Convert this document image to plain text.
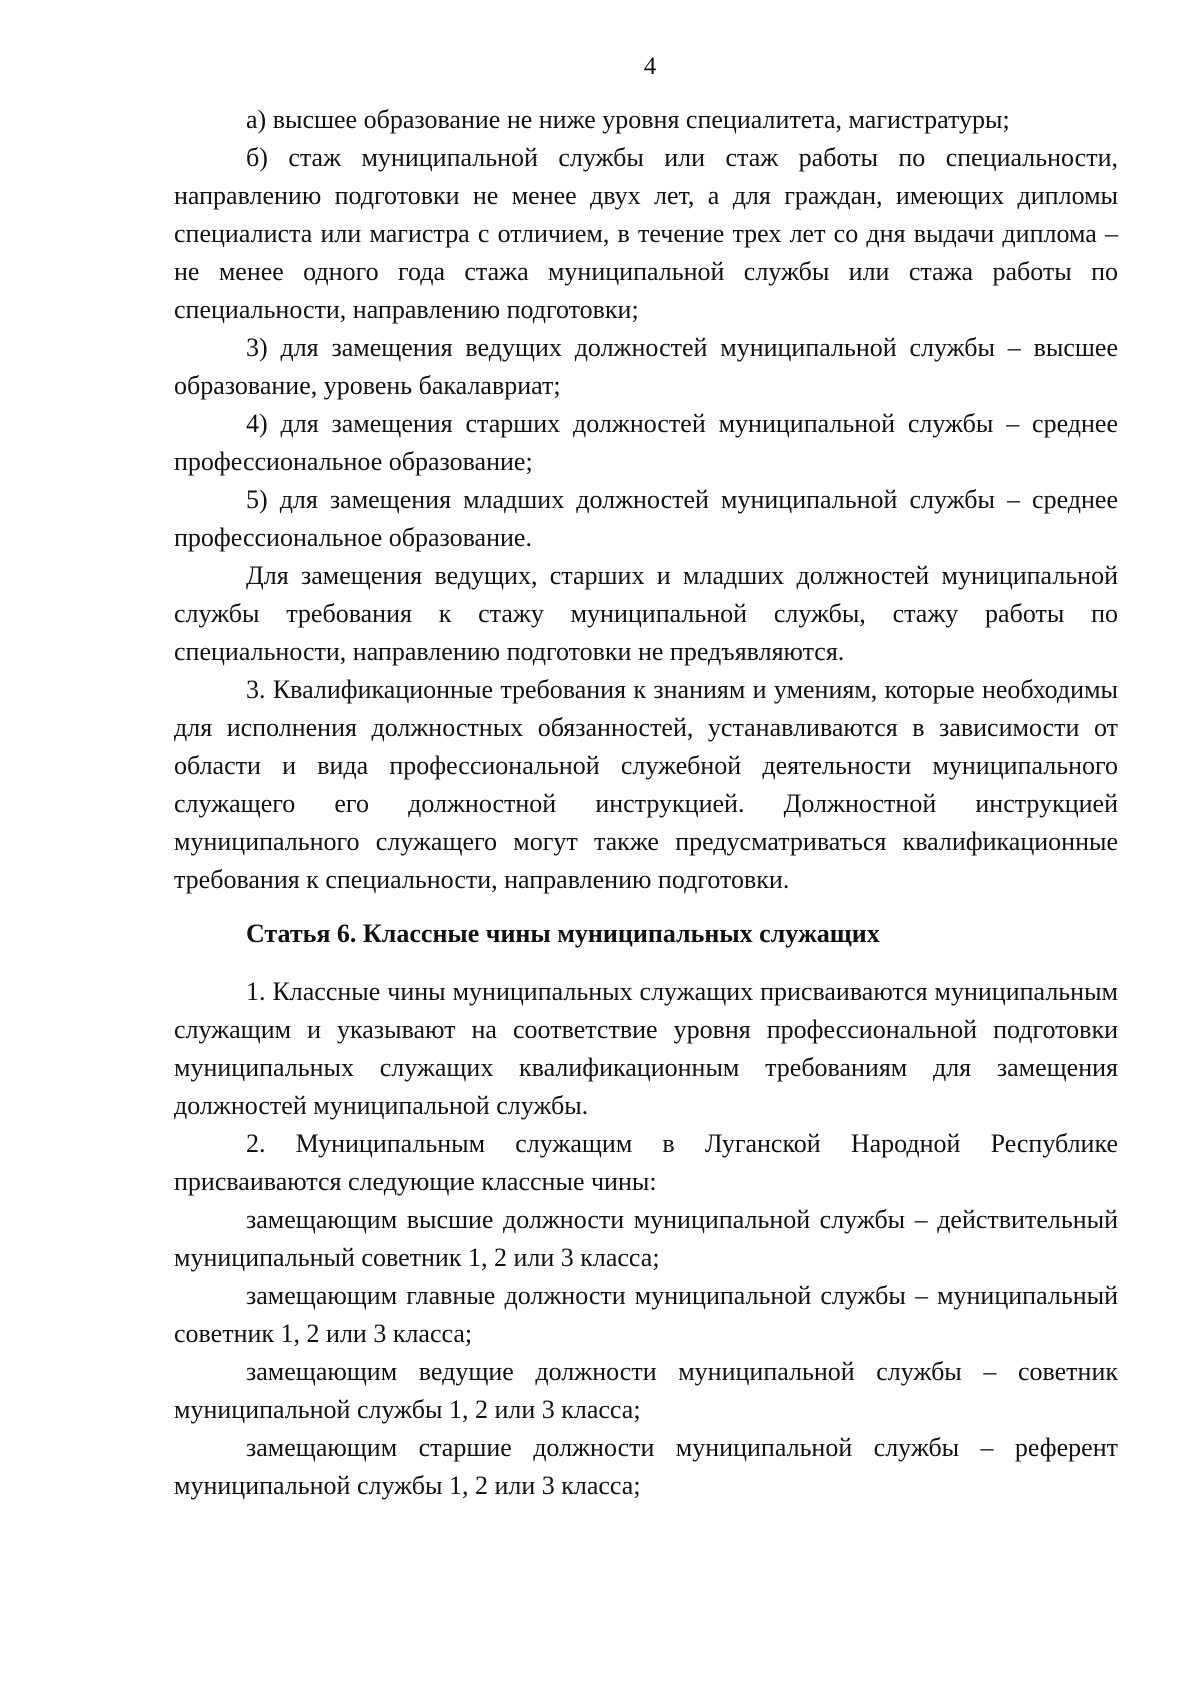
4

а) высшее образование не ниже уровня специалитета, магистратуры;

б) стаж муниципальной службы или стаж работы по специальности, направлению подготовки не менее двух лет, а для граждан, имеющих дипломы специалиста или магистра с отличием, в течение трех лет со дня выдачи диплома – не менее одного года стажа муниципальной службы или стажа работы по специальности, направлению подготовки;

3) для замещения ведущих должностей муниципальной службы – высшее образование, уровень бакалавриат;

4) для замещения старших должностей муниципальной службы – среднее профессиональное образование;

5) для замещения младших должностей муниципальной службы – среднее профессиональное образование.

Для замещения ведущих, старших и младших должностей муниципальной службы требования к стажу муниципальной службы, стажу работы по специальности, направлению подготовки не предъявляются.

3. Квалификационные требования к знаниям и умениям, которые необходимы для исполнения должностных обязанностей, устанавливаются в зависимости от области и вида профессиональной служебной деятельности муниципального служащего его должностной инструкцией. Должностной инструкцией муниципального служащего могут также предусматриваться квалификационные требования к специальности, направлению подготовки.

Статья 6. Классные чины муниципальных служащих

1. Классные чины муниципальных служащих присваиваются муниципальным служащим и указывают на соответствие уровня профессиональной подготовки муниципальных служащих квалификационным требованиям для замещения должностей муниципальной службы.

2. Муниципальным служащим в Луганской Народной Республике присваиваются следующие классные чины:

замещающим высшие должности муниципальной службы – действительный муниципальный советник 1, 2 или 3 класса;

замещающим главные должности муниципальной службы – муниципальный советник 1, 2 или 3 класса;

замещающим ведущие должности муниципальной службы – советник муниципальной службы 1, 2 или 3 класса;

замещающим старшие должности муниципальной службы – референт муниципальной службы 1, 2 или 3 класса;
